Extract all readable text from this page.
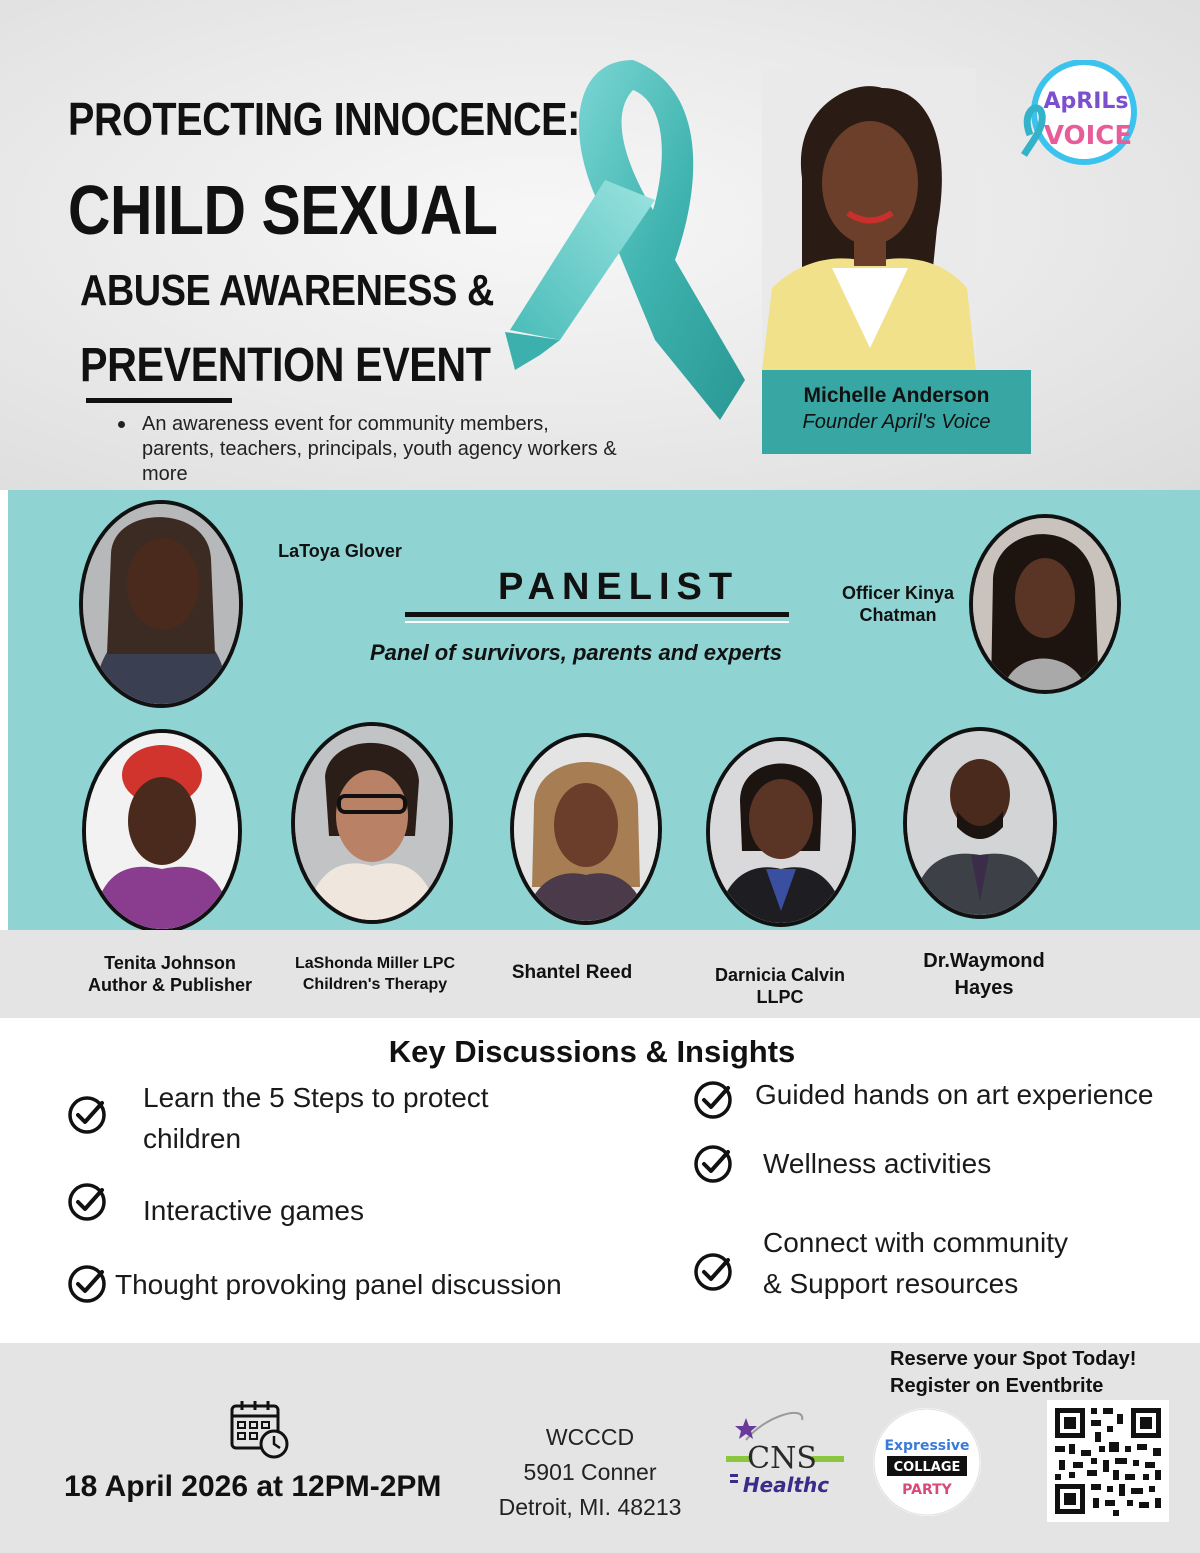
PROTECTING INNOCENCE:
CHILD SEXUAL
ABUSE AWARENESS &
PREVENTION EVENT
An awareness event for community members, parents, teachers, principals, youth agency workers & more
Michelle Anderson
Founder April's Voice
ApRILs
VOICE
PANELIST
Panel of survivors, parents and experts
LaToya Glover
Officer Kinya
Chatman
Tenita Johnson
Author & Publisher
LaShonda Miller LPC
Children's Therapy
Shantel Reed	Darnicia Calvin
LLPC
Dr.Waymond
Hayes
Key Discussions & Insights
Learn the 5 Steps to protect
children
Interactive games
Thought provoking panel discussion
Guided hands on art experience
Wellness activities
Connect with community
& Support resources
18 April 2026 at 12PM-2PM
WCCCD
5901 Conner
Detroit, MI. 48213
CNS
Healthc
Expressive
COLLAGE
PARTY
Reserve your Spot Today!
Register on Eventbrite
